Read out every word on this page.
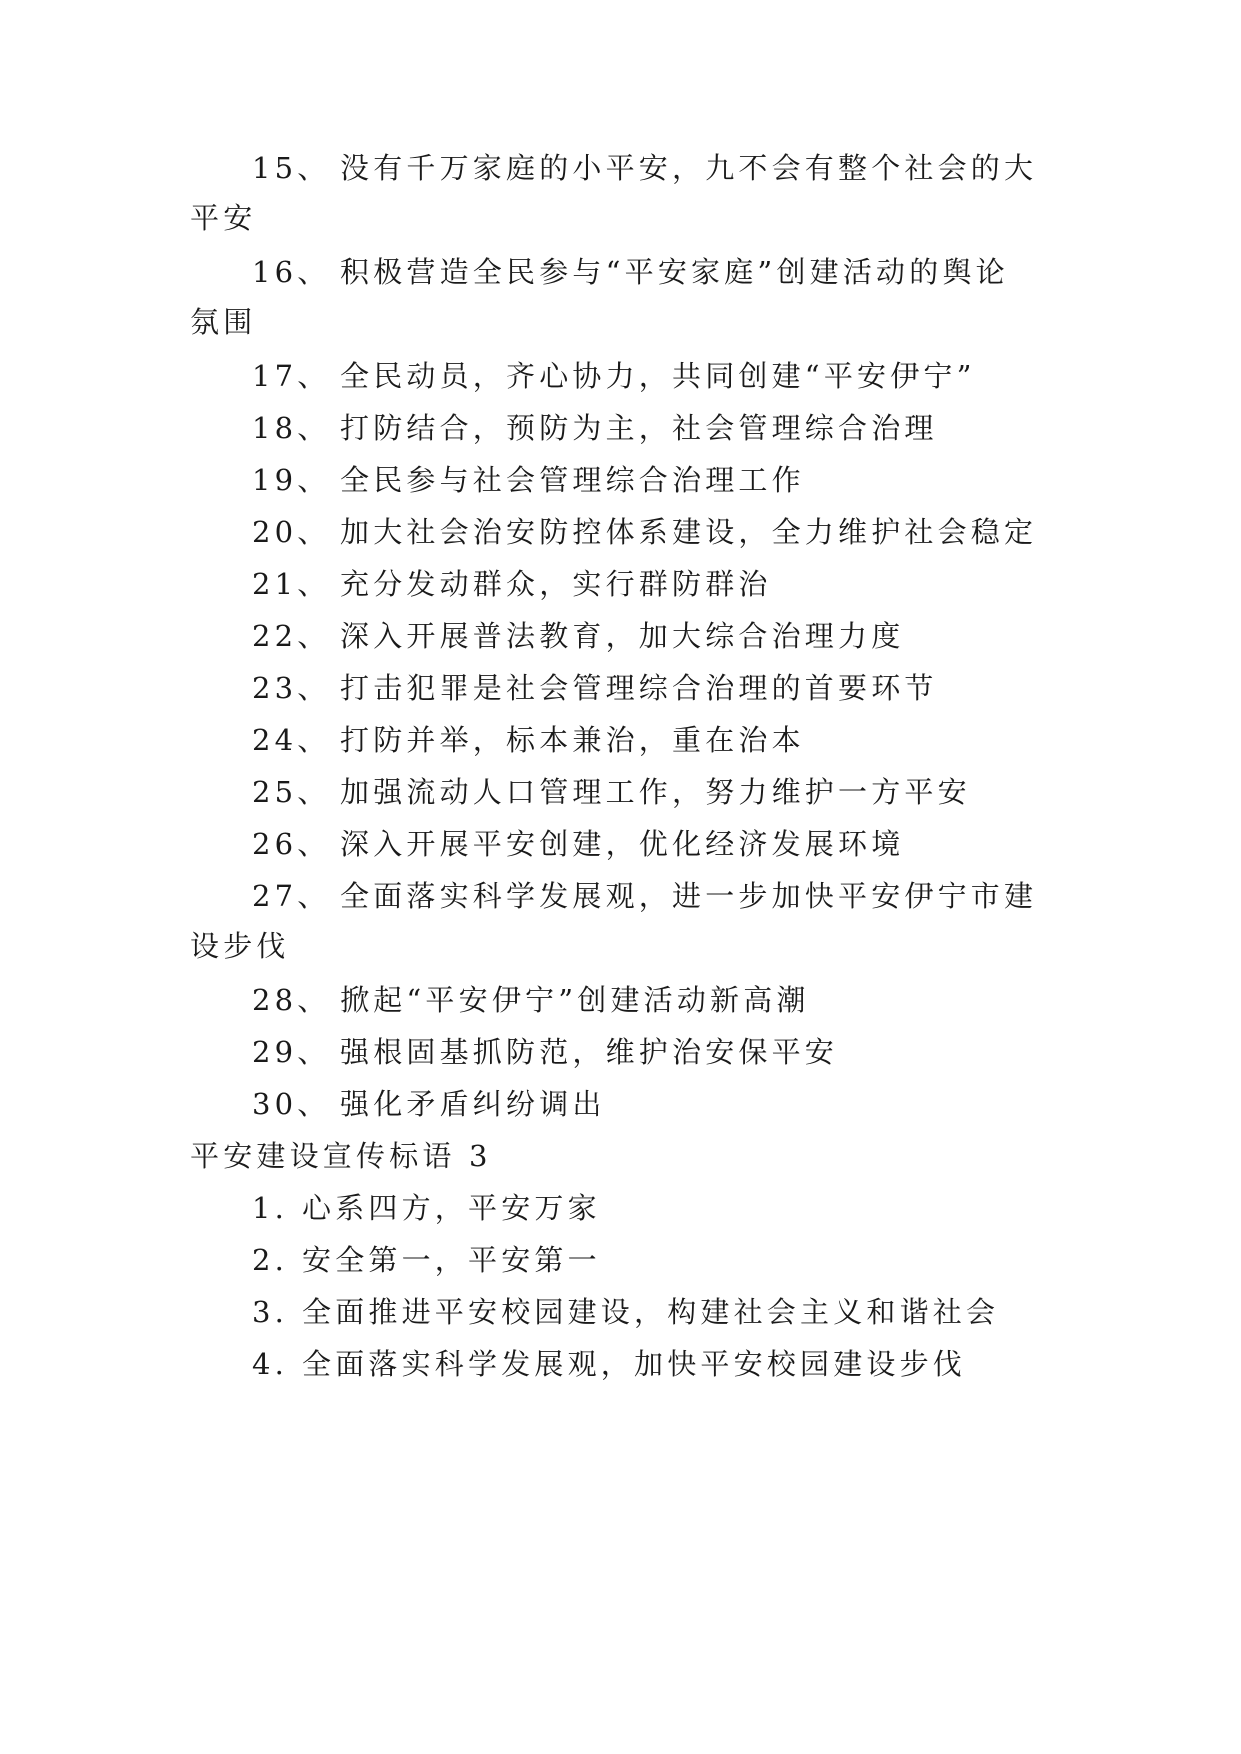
15、 没有千万家庭的小平安，九不会有整个社会的大
平安
16、 积极营造全民参与“平安家庭”创建活动的舆论
氛围
17、 全民动员，齐心协力，共同创建“平安伊宁”
18、 打防结合，预防为主，社会管理综合治理
19、 全民参与社会管理综合治理工作
20、 加大社会治安防控体系建设，全力维护社会稳定
21、 充分发动群众，实行群防群治
22、 深入开展普法教育，加大综合治理力度
23、 打击犯罪是社会管理综合治理的首要环节
24、 打防并举，标本兼治，重在治本
25、 加强流动人口管理工作，努力维护一方平安
26、 深入开展平安创建，优化经济发展环境
27、 全面落实科学发展观，进一步加快平安伊宁市建
设步伐
28、 掀起“平安伊宁”创建活动新高潮
29、 强根固基抓防范，维护治安保平安
30、 强化矛盾纠纷调出
平安建设宣传标语 3
1. 心系四方，平安万家
2. 安全第一，平安第一
3. 全面推进平安校园建设，构建社会主义和谐社会
4. 全面落实科学发展观，加快平安校园建设步伐
